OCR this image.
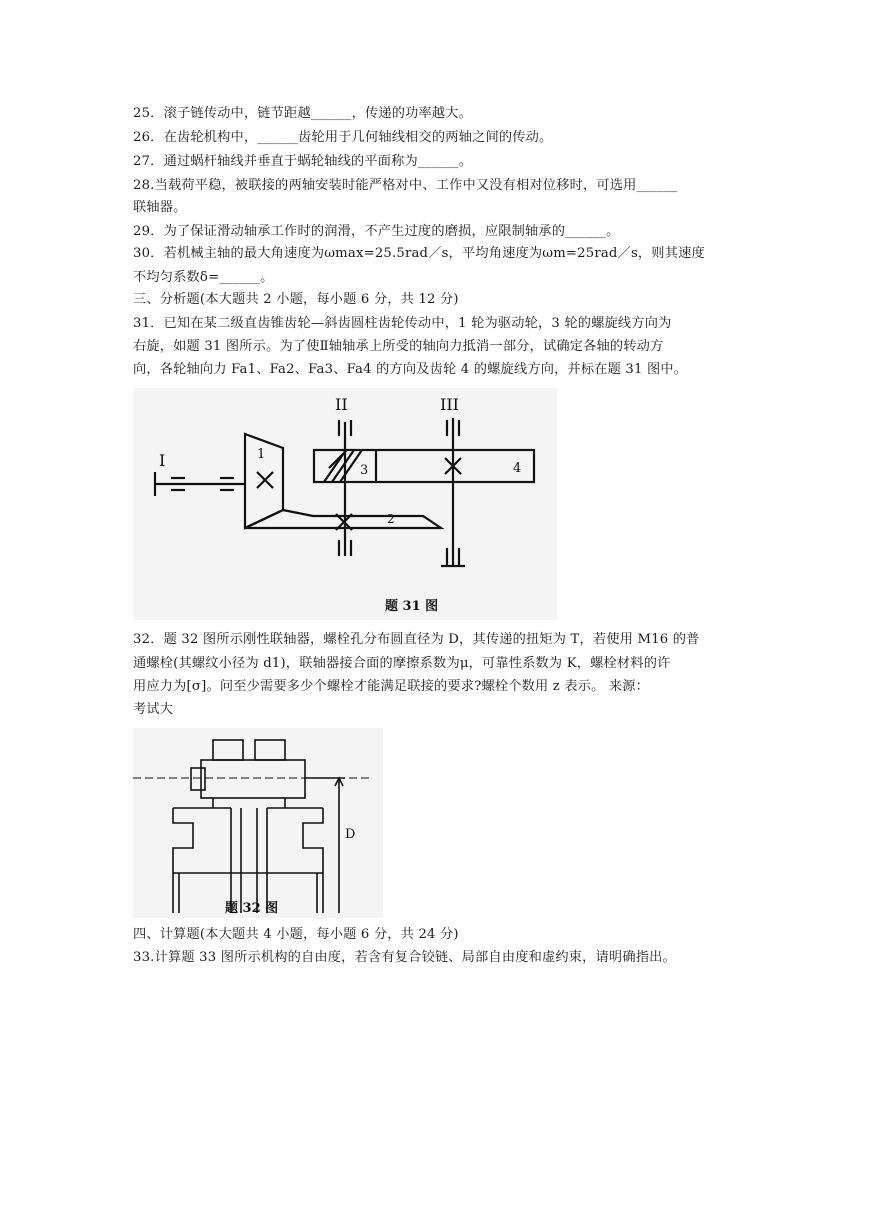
25．滚子链传动中，链节距越______，传递的功率越大。
26．在齿轮机构中，______齿轮用于几何轴线相交的两轴之间的传动。
27．通过蜗杆轴线并垂直于蜗轮轴线的平面称为______。
28.当载荷平稳，被联接的两轴安装时能严格对中、工作中又没有相对位移时，可选用______
联轴器。
29．为了保证滑动轴承工作时的润滑，不产生过度的磨损，应限制轴承的______。
30．若机械主轴的最大角速度为ωmax=25.5rad／s，平均角速度为ωm=25rad／s，则其速度
不均匀系数δ=______。
三、分析题(本大题共 2 小题，每小题 6 分，共 12 分)
31．已知在某二级直齿锥齿轮—斜齿圆柱齿轮传动中，1 轮为驱动轮，3 轮的螺旋线方向为
右旋，如题 31 图所示。为了使Ⅱ轴轴承上所受的轴向力抵消一部分，试确定各轴的转动方
向，各轮轴向力 Fa1、Fa2、Fa3、Fa4 的方向及齿轮 4 的螺旋线方向，并标在题 31 图中。
I
II	III
1
2
3	4
题 31 图
32．题 32 图所示刚性联轴器，螺栓孔分布圆直径为 D，其传递的扭矩为 T，若使用 M16 的普
通螺栓(其螺纹小径为 d1)，联轴器接合面的摩擦系数为μ，可靠性系数为 K，螺栓材料的许
用应力为[σ]。问至少需要多少个螺栓才能满足联接的要求?螺栓个数用 z 表示。 来源：
考试大
D
题 32 图
四、计算题(本大题共 4 小题，每小题 6 分，共 24 分)
33.计算题 33 图所示机构的自由度，若含有复合铰链、局部自由度和虚约束，请明确指出。
